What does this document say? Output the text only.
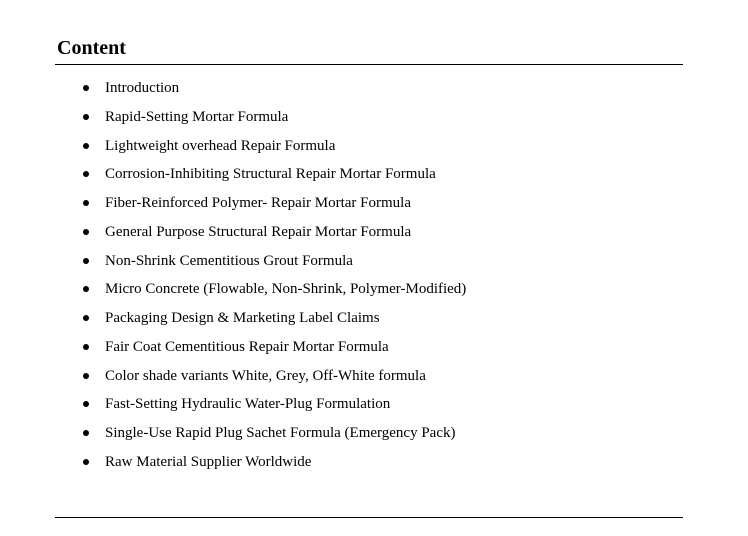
Content
Introduction
Rapid-Setting Mortar Formula
Lightweight overhead Repair Formula
Corrosion-Inhibiting Structural Repair Mortar Formula
Fiber-Reinforced Polymer- Repair Mortar Formula
General Purpose Structural Repair Mortar Formula
Non-Shrink Cementitious Grout Formula
Micro Concrete (Flowable, Non-Shrink, Polymer-Modified)
Packaging Design & Marketing Label Claims
Fair Coat Cementitious Repair Mortar Formula
Color shade variants White, Grey, Off-White formula
Fast-Setting Hydraulic Water-Plug Formulation
Single-Use Rapid Plug Sachet Formula (Emergency Pack)
Raw Material Supplier Worldwide
